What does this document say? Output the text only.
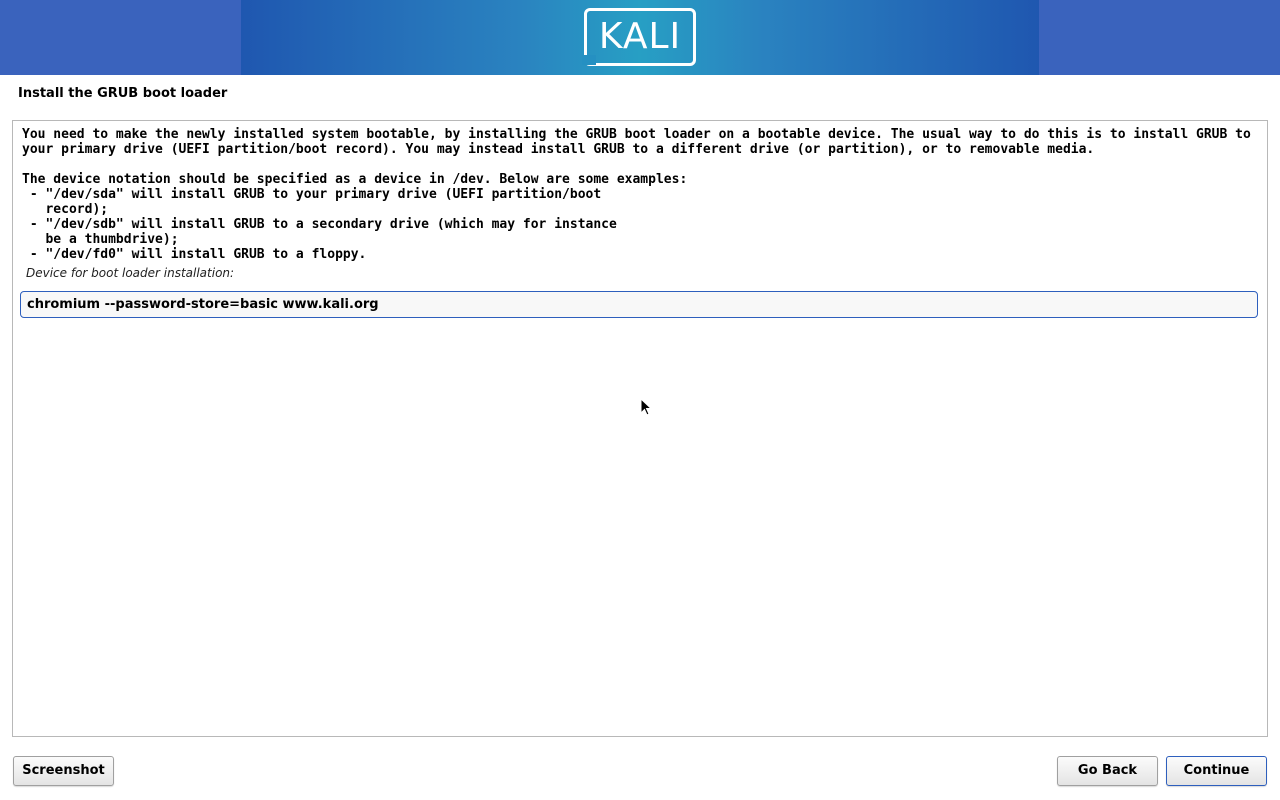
KALI
Install the GRUB boot loader
You need to make the newly installed system bootable, by installing the GRUB boot loader on a bootable device. The usual way to do this is to install GRUB to your primary drive (UEFI partition/boot record). You may instead install GRUB to a different drive (or partition), or to removable media.

The device notation should be specified as a device in /dev. Below are some examples:
- "/dev/sda" will install GRUB to your primary drive (UEFI partition/boot
record);
- "/dev/sdb" will install GRUB to a secondary drive (which may for instance
be a thumbdrive);
- "/dev/fd0" will install GRUB to a floppy.
Device for boot loader installation:
chromium --password-store=basic www.kali.org
Screenshot	Go Back	Continue
